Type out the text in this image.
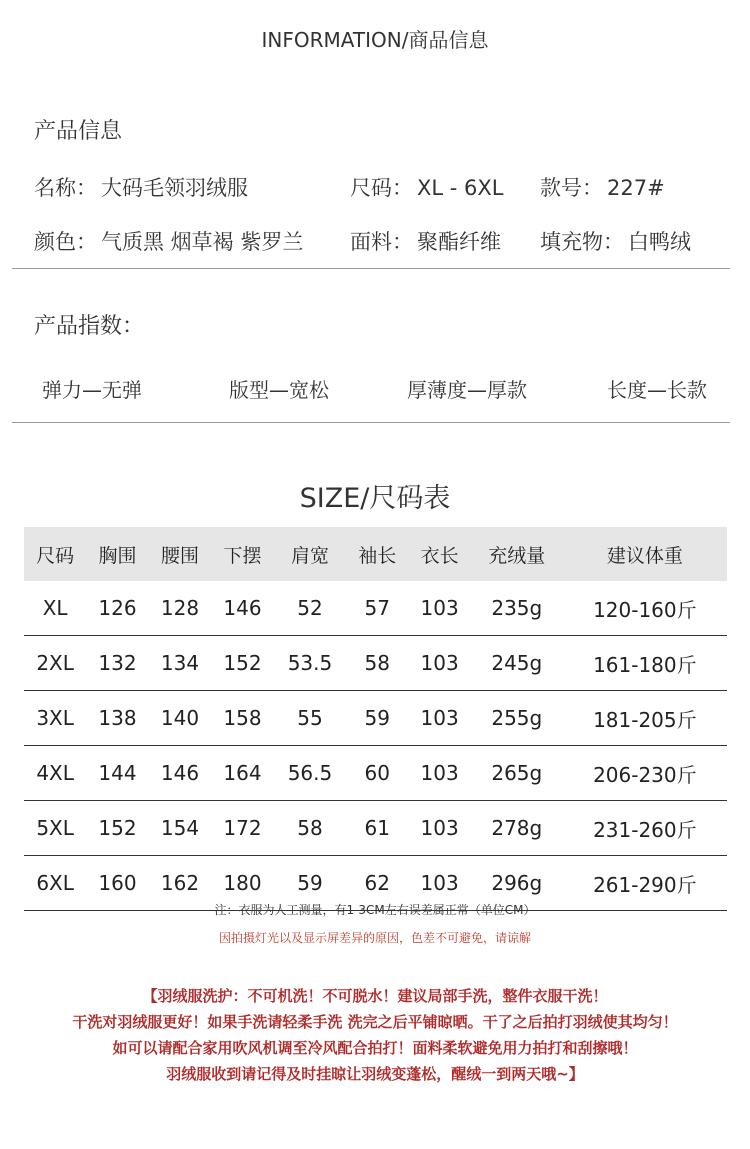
INFORMATION/商品信息
产品信息
名称： 大码毛领羽绒服	尺码： XL - 6XL 款号： 227#
颜色： 气质黑 烟草褐 紫罗兰 面料： 聚酯纤维 填充物： 白鸭绒
产品指数：
弹力—无弹	版型—宽松	厚薄度—厚款	长度—长款
SIZE/尺码表
尺码	胸围	腰围	下摆	肩宽	袖长	衣长	充绒量	建议体重
XL	126	128	146	52	57	103	235g	120-160斤
2XL	132	134	152	53.5	58	103	245g	161-180斤
3XL	138	140	158	55	59	103	255g	181-205斤
4XL	144	146	164	56.5	60	103	265g	206-230斤
5XL	152	154	172	58	61	103	278g	231-260斤
6XL	160	162	180	59	62	103	296g	261-290斤
注：衣服为人工测量，有1-3CM左右误差属正常（单位CM）
因拍摄灯光以及显示屏差异的原因，色差不可避免，请谅解
【羽绒服洗护：不可机洗！不可脱水！建议局部手洗，整件衣服干洗！
干洗对羽绒服更好！如果手洗请轻柔手洗 洗完之后平铺晾晒。干了之后拍打羽绒使其均匀！
如可以请配合家用吹风机调至冷风配合拍打！面料柔软避免用力拍打和刮擦哦！
羽绒服收到请记得及时挂晾让羽绒变蓬松，醒绒一到两天哦~】
